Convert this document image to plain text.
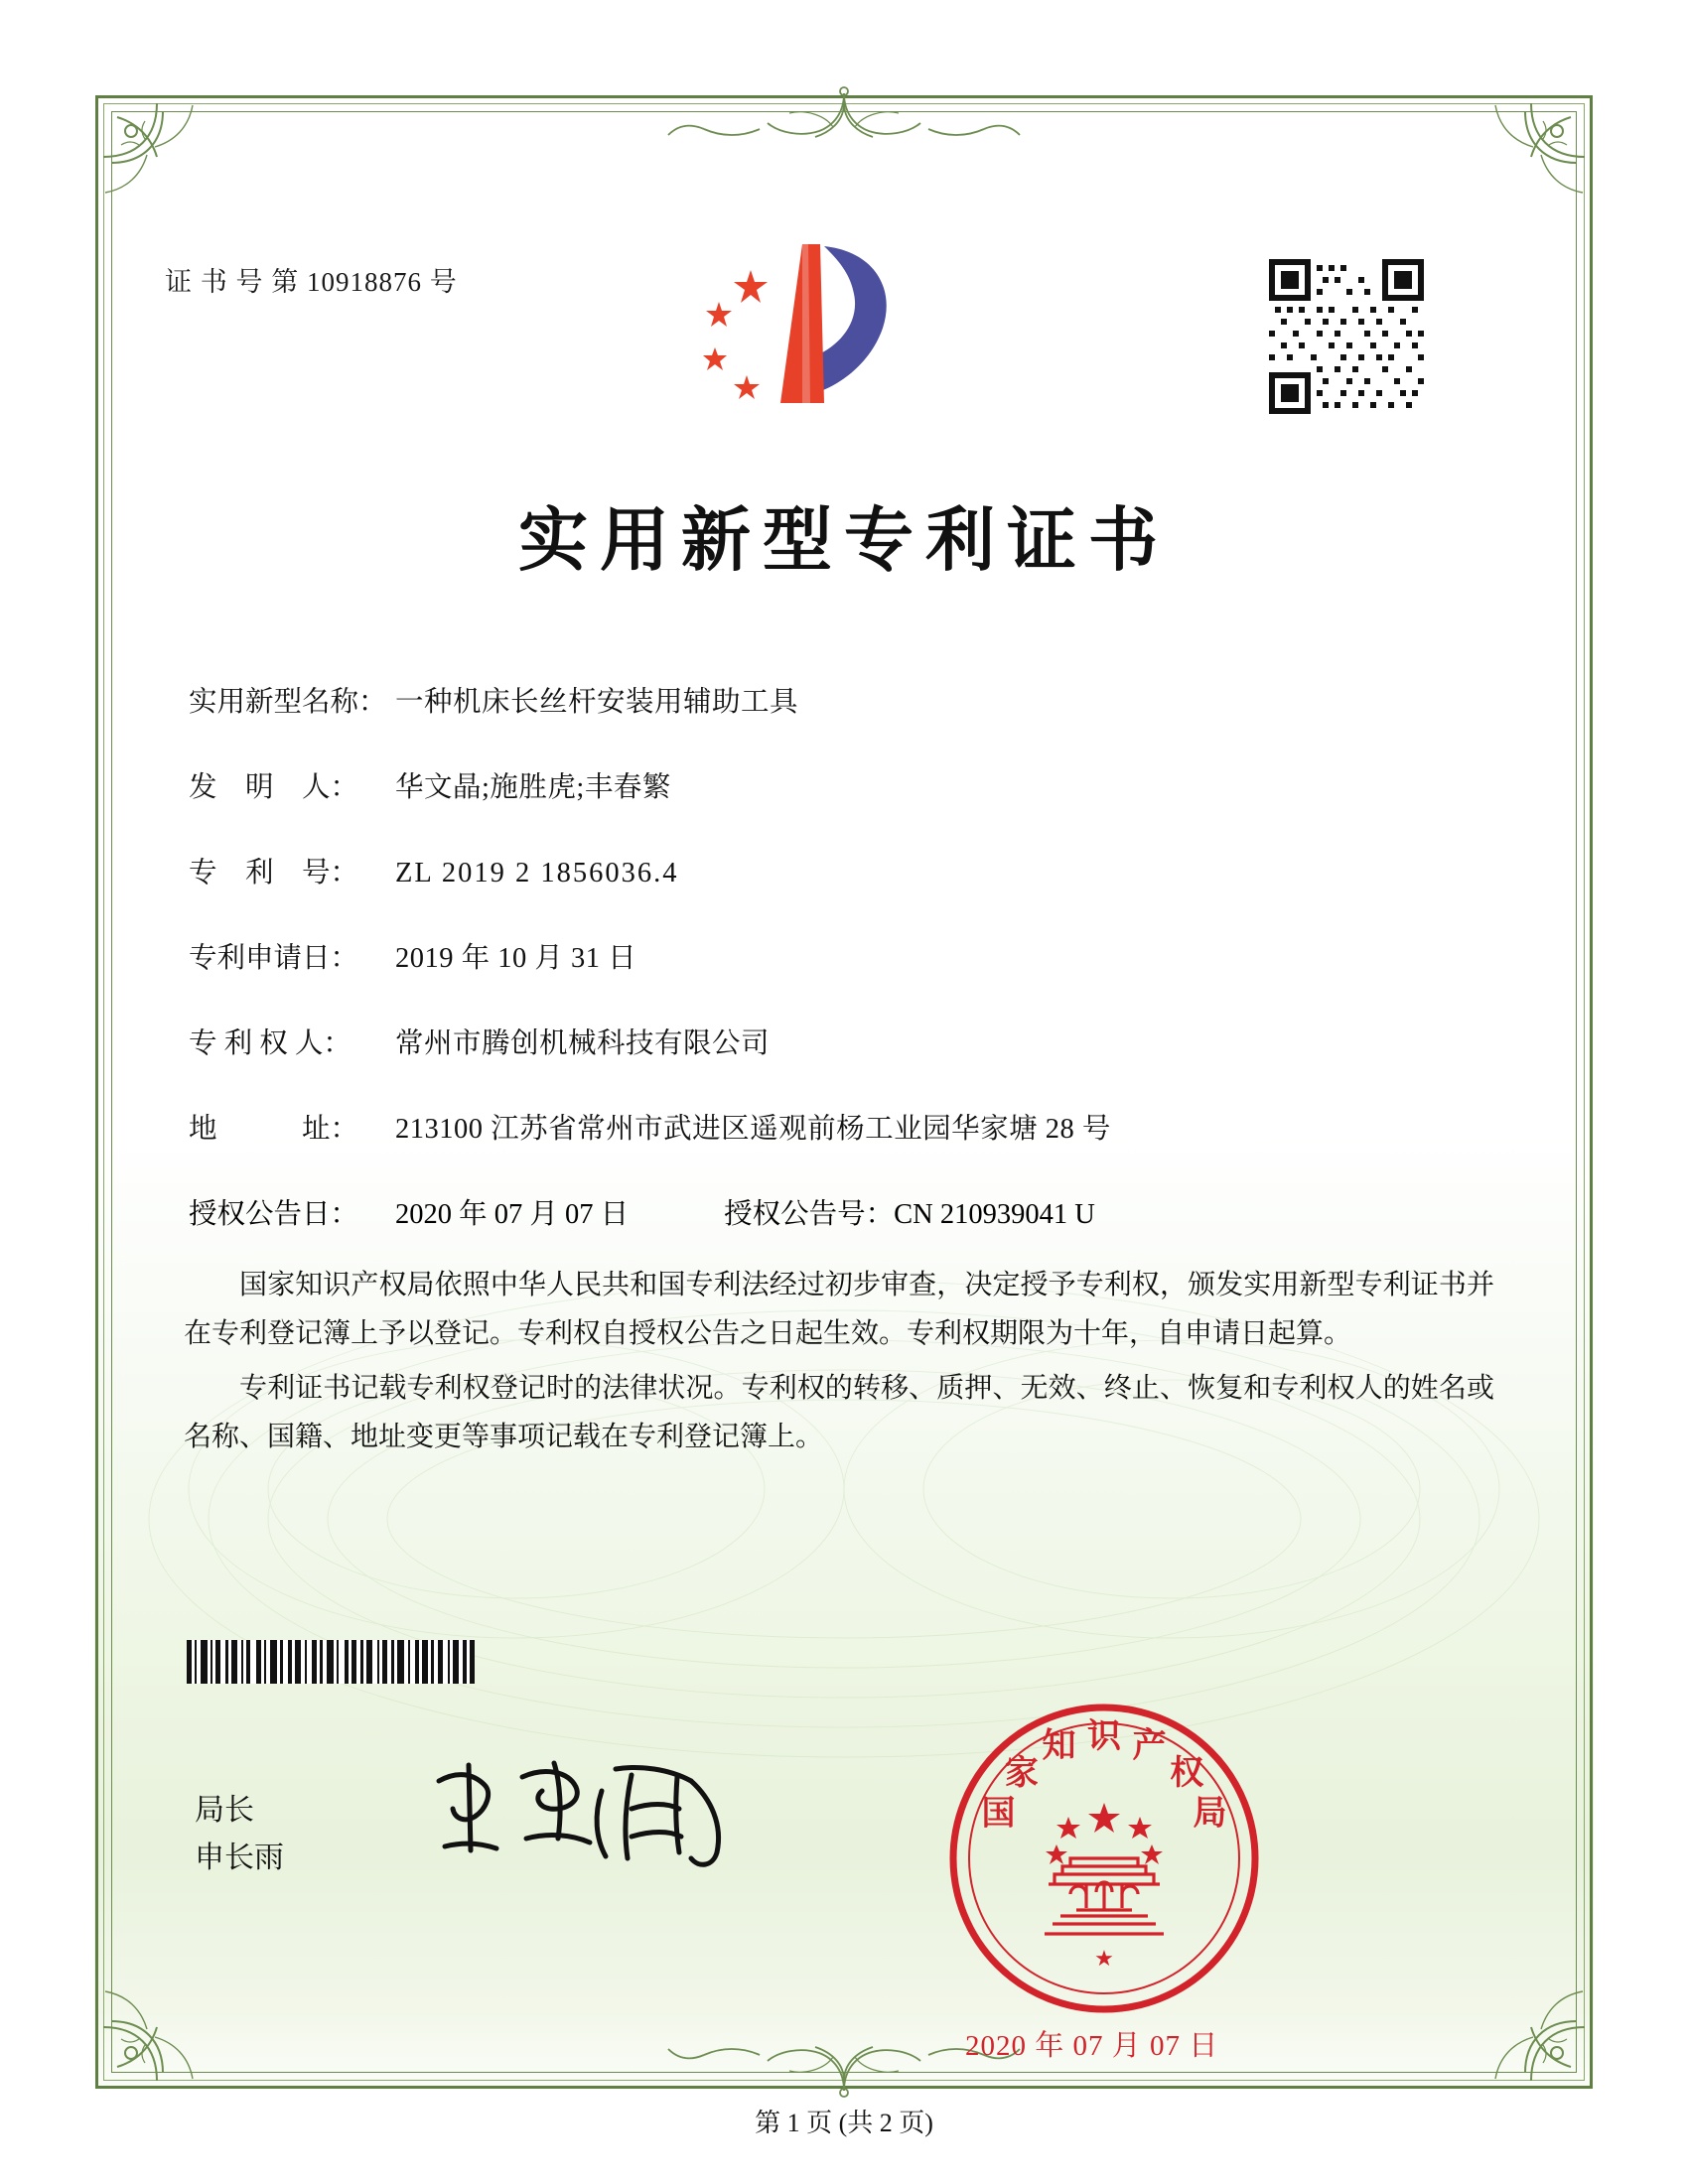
证 书 号 第 10918876 号
实用新型专利证书
实用新型名称： 一种机床长丝杆安装用辅助工具
发　明　人：	华文晶;施胜虎;丰春繁
专　利　号：	ZL 2019 2 1856036.4
专利申请日：	2019 年 10 月 31 日
专 利 权 人：	常州市腾创机械科技有限公司
地　　　址：	213100 江苏省常州市武进区遥观前杨工业园华家塘 28 号
授权公告日：	2020 年 07 月 07 日	授权公告号： CN 210939041 U

国家知识产权局依照中华人民共和国专利法经过初步审查，决定授予专利权，颁发实用新型专利证书并在专利登记簿上予以登记。专利权自授权公告之日起生效。专利权期限为十年，自申请日起算。

专利证书记载专利权登记时的法律状况。专利权的转移、质押、无效、终止、恢复和专利权人的姓名或名称、国籍、地址变更等事项记载在专利登记簿上。

局长
申长雨
国
家
知 识 产
权
局
★
2020 年 07 月 07 日
第 1 页 (共 2 页)
